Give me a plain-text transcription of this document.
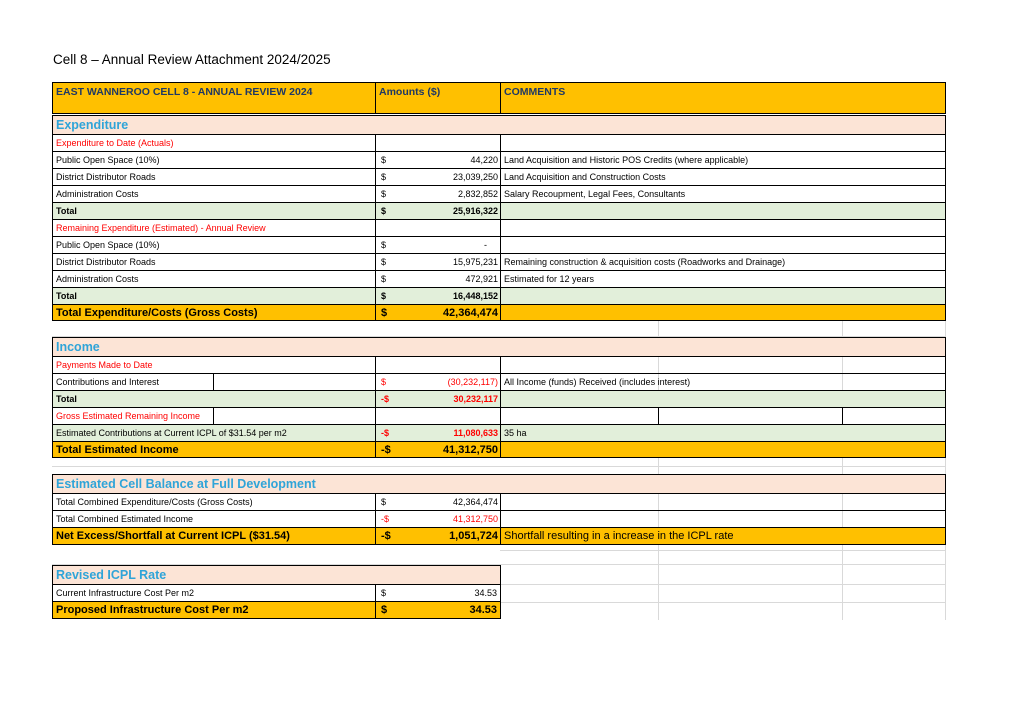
Cell 8 – Annual Review Attachment 2024/2025
EAST WANNEROO CELL 8 - ANNUAL REVIEW 2024	Amounts ($)	COMMENTS
Expenditure
Expenditure to Date (Actuals)
Public Open Space (10%)	$	44,220 Land Acquisition and Historic POS Credits (where applicable)
District Distributor Roads	$	23,039,250 Land Acquisition and Construction Costs
Administration Costs	$	2,832,852 Salary Recoupment, Legal Fees, Consultants
Total	$	25,916,322
Remaining Expenditure (Estimated) - Annual Review
Public Open Space (10%)	$	-
District Distributor Roads	$	15,975,231 Remaining construction & acquisition costs (Roadworks and Drainage)
Administration Costs	$	472,921 Estimated for 12 years
Total	$	16,448,152
Total Expenditure/Costs (Gross Costs)	$	42,364,474
Income
Payments Made to Date
Contributions and Interest	$	(30,232,117) All Income (funds) Received (includes interest)
Total	-$	30,232,117
Gross Estimated Remaining Income
Estimated Contributions at Current ICPL of $31.54 per m2	-$	11,080,633 35 ha
Total Estimated Income	-$	41,312,750
Estimated Cell Balance at Full Development
Total Combined Expenditure/Costs (Gross Costs)	$	42,364,474
Total Combined Estimated Income	-$	41,312,750
Net Excess/Shortfall at Current ICPL ($31.54)	-$	1,051,724 Shortfall resulting in a increase in the ICPL rate
Revised ICPL Rate
Current Infrastructure Cost Per m2	$	34.53
Proposed Infrastructure Cost Per m2	$	34.53
